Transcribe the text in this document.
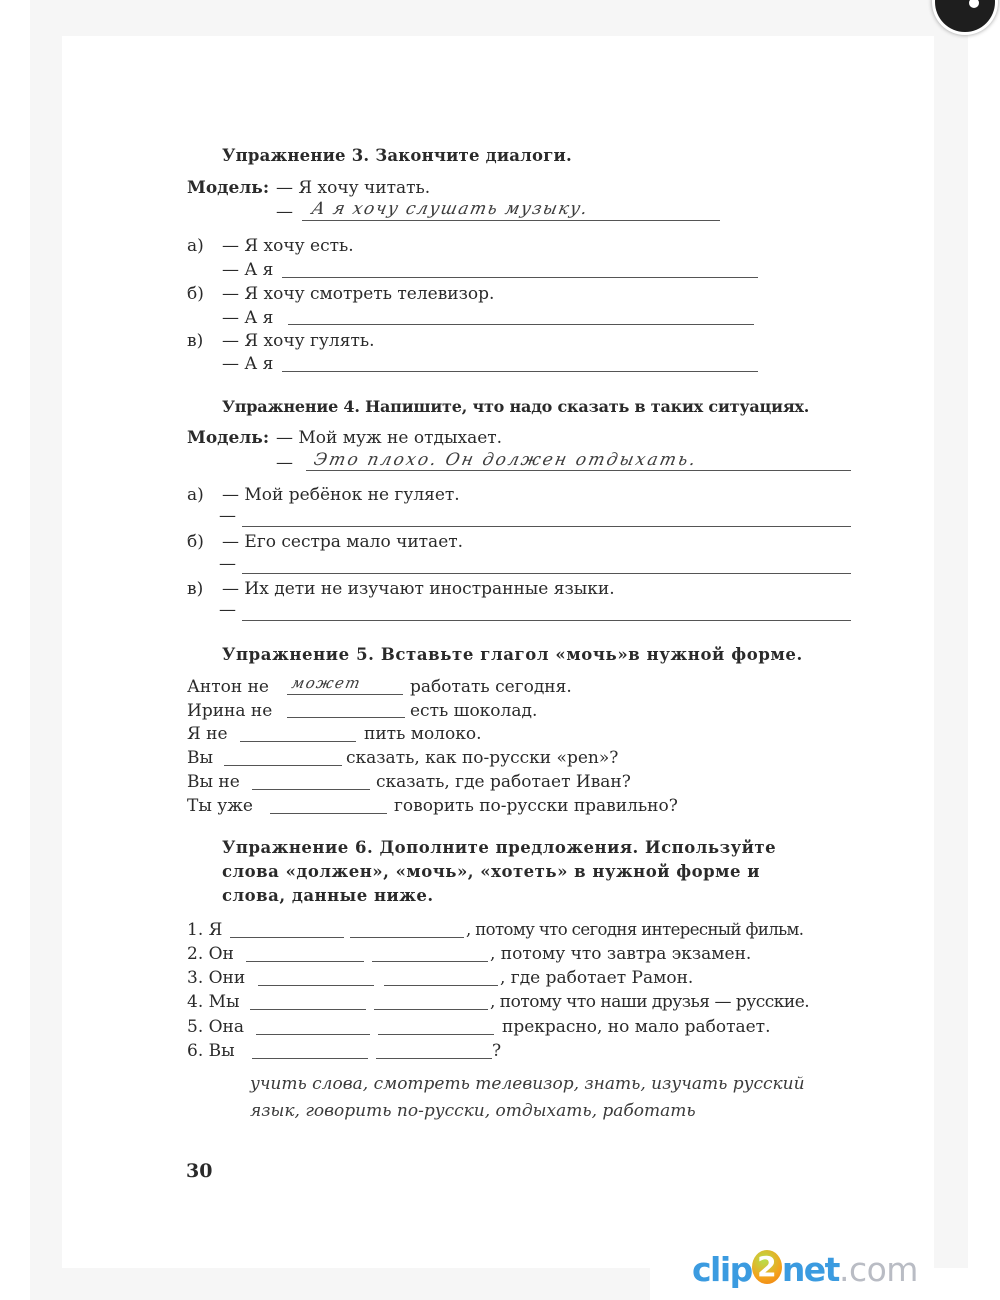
Упражнение 3. Закончите диалоги.
Модель: — Я хочу читать.
— А я хочу слушать музыку.
а) — Я хочу есть.
— А я
б) — Я хочу смотреть телевизор.
— А я
в) — Я хочу гулять.
— А я
Упражнение 4. Напишите, что надо сказать в таких ситуациях.
Модель: — Мой муж не отдыхает.
— Это плохо. Он должен отдыхать.
а) — Мой ребёнок не гуляет.
—
б) — Его сестра мало читает.
—
в) — Их дети не изучают иностранные языки.
—
Упражнение 5. Вставьте глагол «мочь»в нужной форме.
Антон не может	работать сегодня.
Ирина не	есть шоколад.
Я не	пить молоко.
Вы	сказать, как по-русски «pen»?
Вы не	сказать, где работает Иван?
Ты уже	говорить по-русски правильно?
Упражнение 6. Дополните предложения. Используйте
слова «должен», «мочь», «хотеть» в нужной форме и
слова, данные ниже.
1. Я	, потому что сегодня интересный фильм.
2. Он	, потому что завтра экзамен.
3. Они	, где работает Рамон.
4. Мы	, потому что наши друзья — русские.
5. Она	прекрасно, но мало работает.
6. Вы	?
учить слова, смотреть телевизор, знать, изучать русский
язык, говорить по-русски, отдыхать, работать
30
clip 2 net.com
